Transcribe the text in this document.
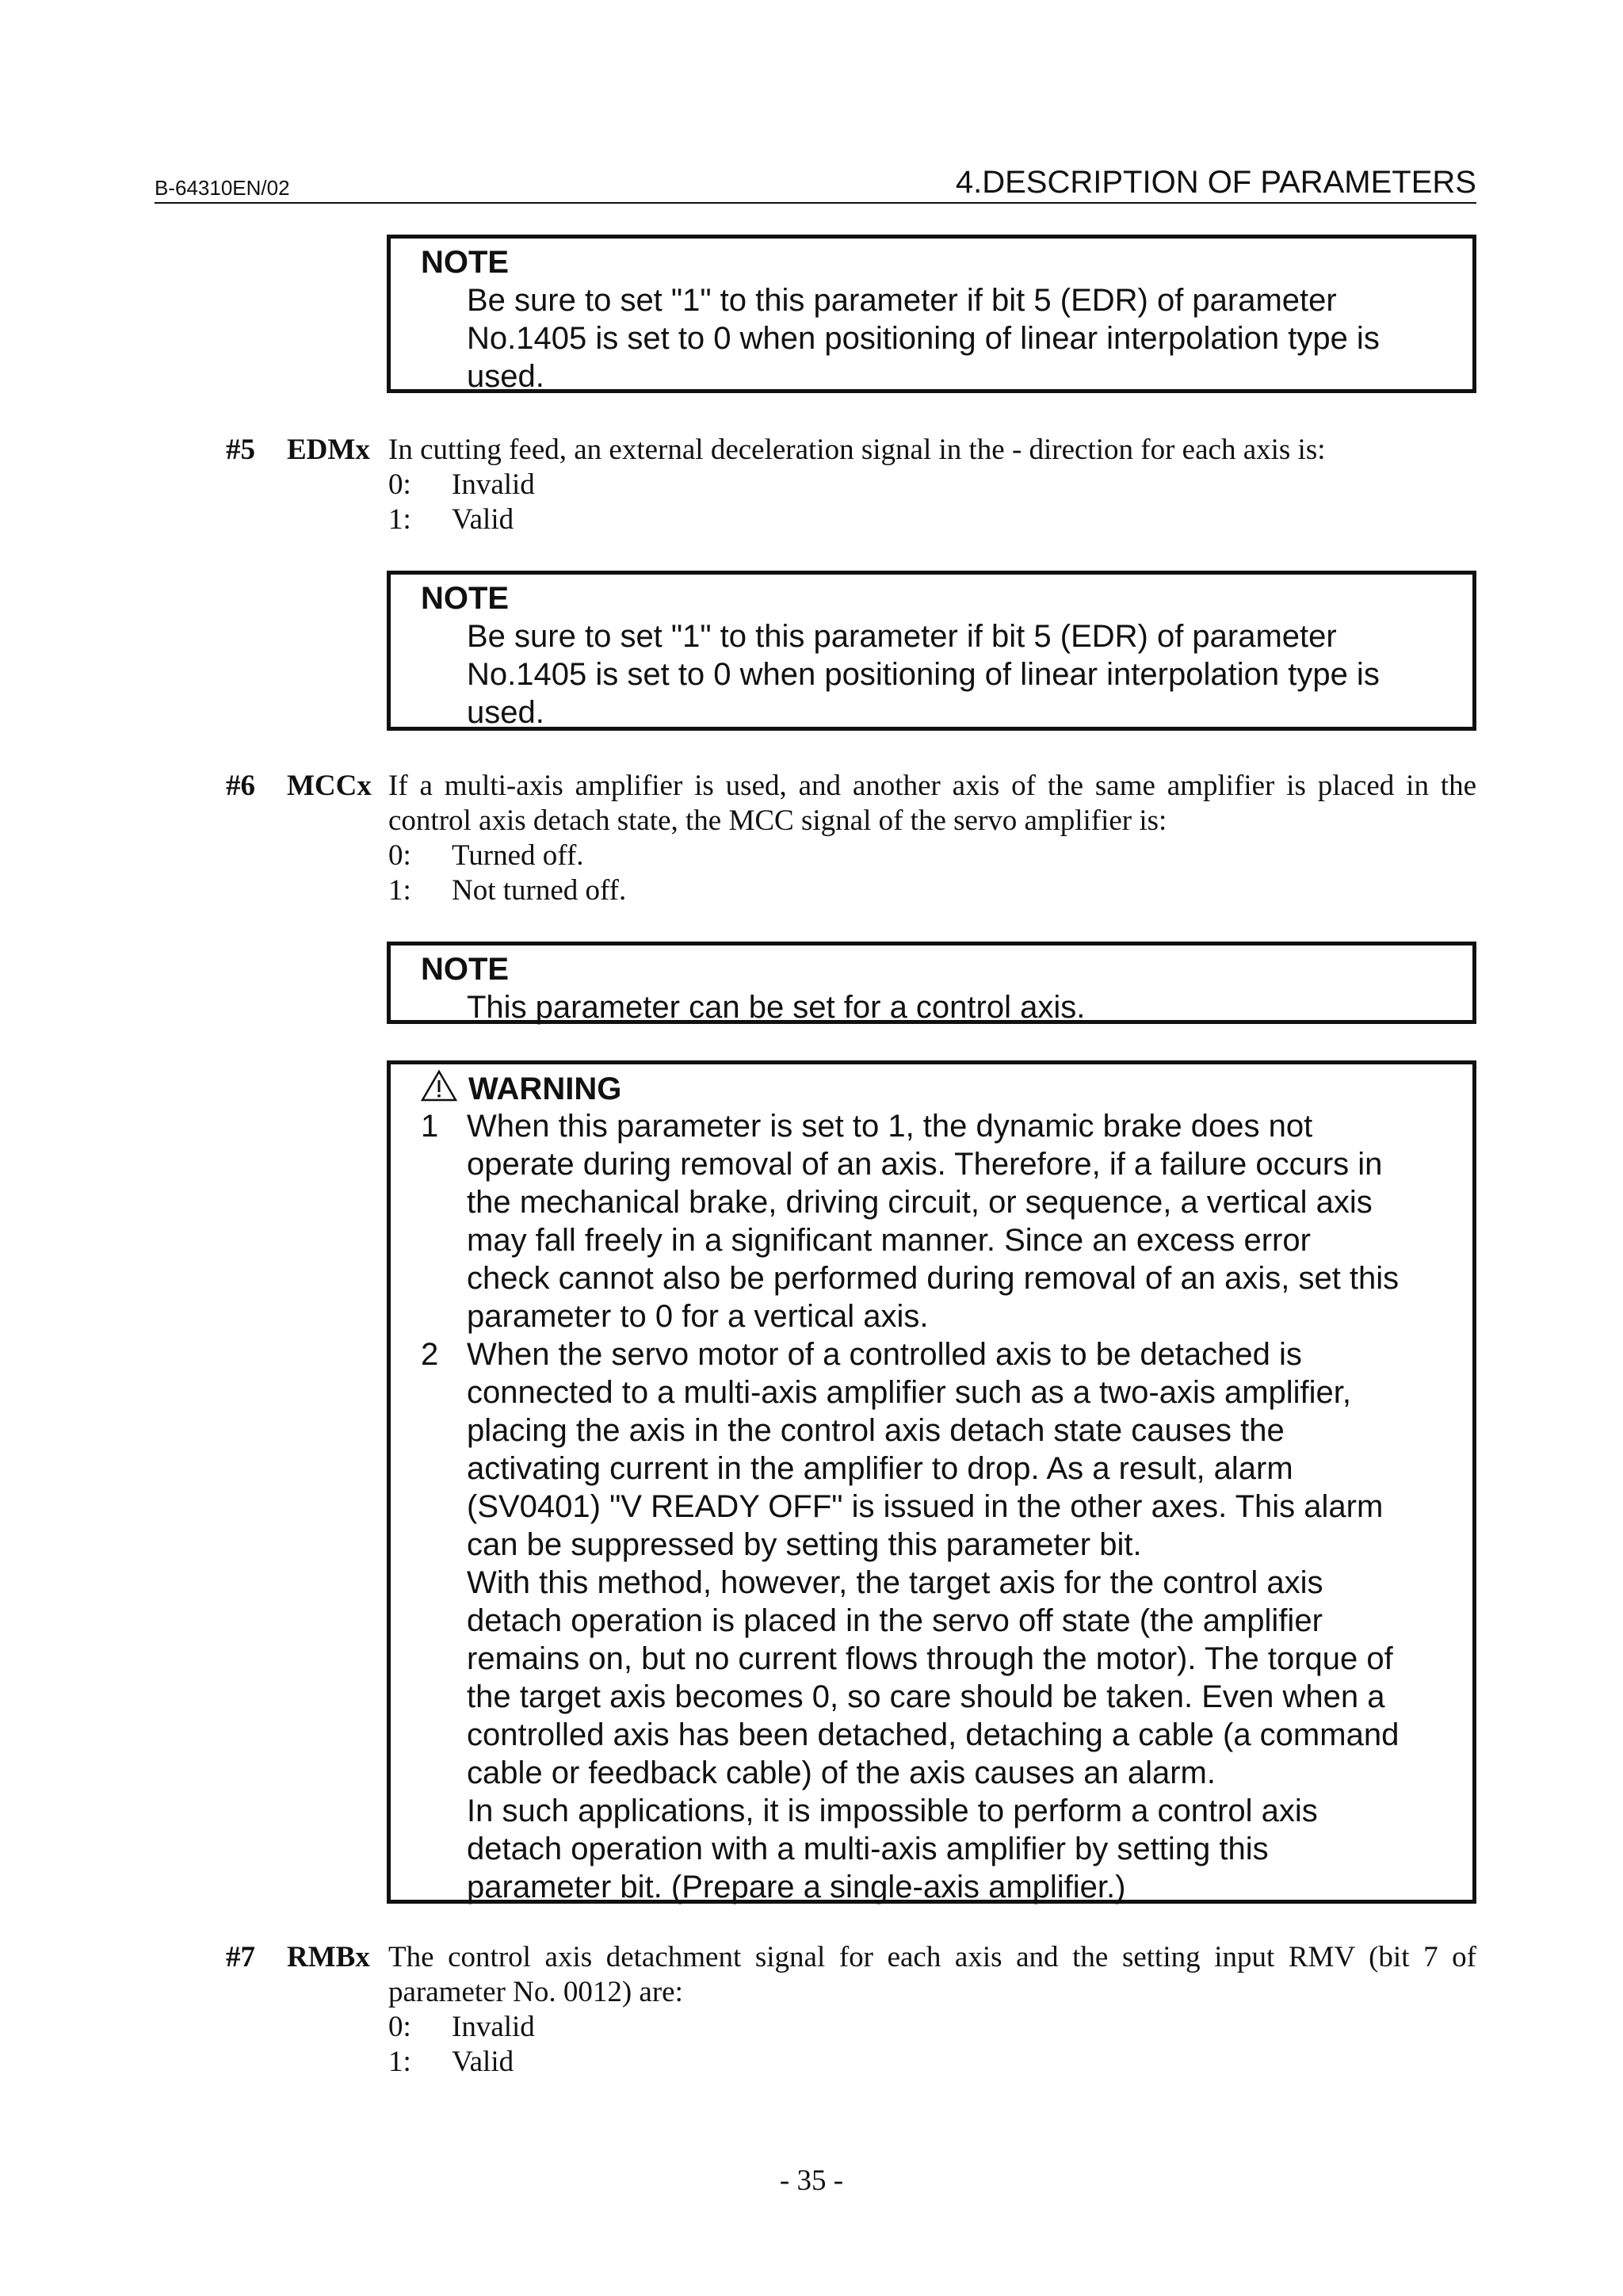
B-64310EN/02	4.DESCRIPTION OF PARAMETERS
NOTE
Be sure to set "1" to this parameter if bit 5 (EDR) of parameter
No.1405 is set to 0 when positioning of linear interpolation type is
used.
#5 EDMx In cutting feed, an external deceleration signal in the - direction for each axis is:
0: Invalid
1: Valid
NOTE
Be sure to set "1" to this parameter if bit 5 (EDR) of parameter
No.1405 is set to 0 when positioning of linear interpolation type is
used.
#6 MCCx If a multi-axis amplifier is used, and another axis of the same amplifier is placed in the control axis detach state, the MCC signal of the servo amplifier is:
0: Turned off.
1: Not turned off.
NOTE
This parameter can be set for a control axis.
WARNING
1 When this parameter is set to 1, the dynamic brake does not
operate during removal of an axis. Therefore, if a failure occurs in
the mechanical brake, driving circuit, or sequence, a vertical axis
may fall freely in a significant manner. Since an excess error
check cannot also be performed during removal of an axis, set this
parameter to 0 for a vertical axis.
2 When the servo motor of a controlled axis to be detached is
connected to a multi-axis amplifier such as a two-axis amplifier,
placing the axis in the control axis detach state causes the
activating current in the amplifier to drop. As a result, alarm
(SV0401) "V READY OFF" is issued in the other axes. This alarm
can be suppressed by setting this parameter bit.
With this method, however, the target axis for the control axis
detach operation is placed in the servo off state (the amplifier
remains on, but no current flows through the motor). The torque of
the target axis becomes 0, so care should be taken. Even when a
controlled axis has been detached, detaching a cable (a command
cable or feedback cable) of the axis causes an alarm.
In such applications, it is impossible to perform a control axis
detach operation with a multi-axis amplifier by setting this
parameter bit. (Prepare a single-axis amplifier.)
#7 RMBx The control axis detachment signal for each axis and the setting input RMV (bit 7 of parameter No. 0012) are:
0: Invalid
1: Valid
- 35 -
